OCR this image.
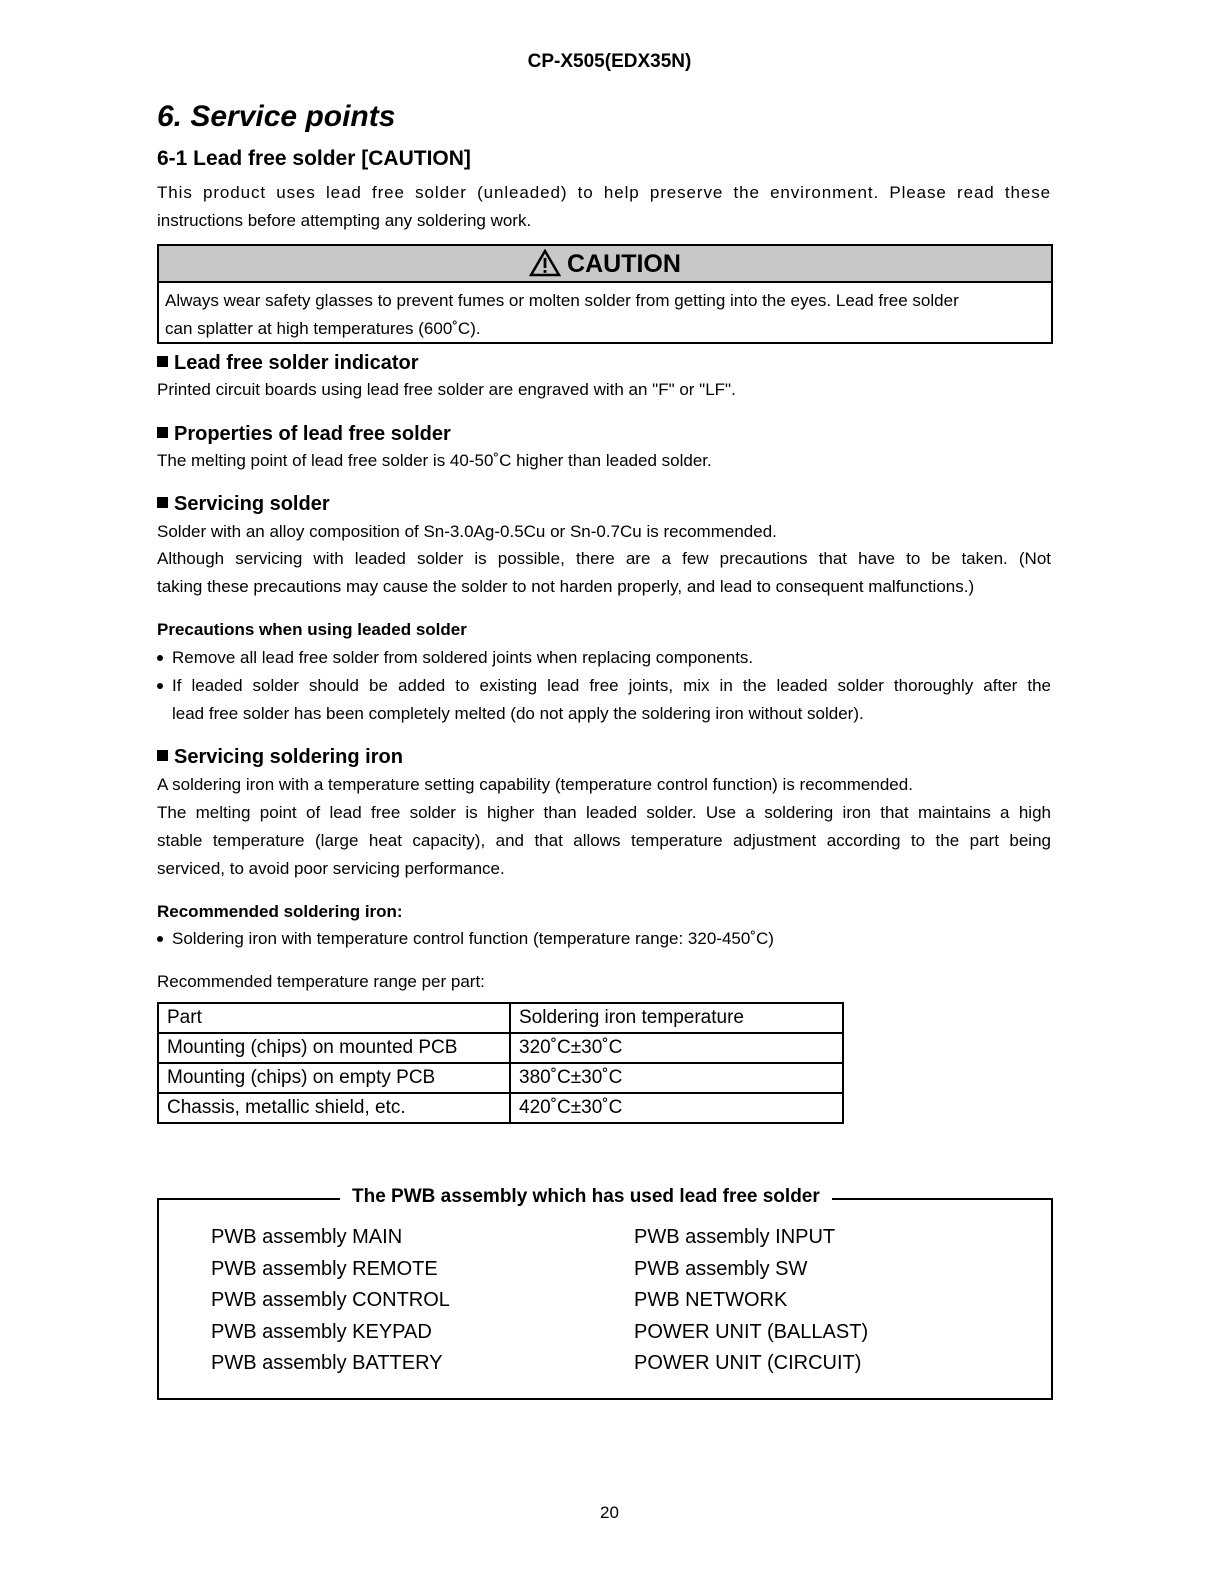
CP-X505(EDX35N)
6. Service points
6-1 Lead free solder [CAUTION]
This product uses lead free solder (unleaded) to help preserve the environment. Please read these
instructions before attempting any soldering work.
CAUTION
Always wear safety glasses to prevent fumes or molten solder from getting into the eyes. Lead free solder
can splatter at high temperatures (600˚C).
Lead free solder indicator
Printed circuit boards using lead free solder are engraved with an "F" or "LF".
Properties of lead free solder
The melting point of lead free solder is 40-50˚C higher than leaded solder.
Servicing solder
Solder with an alloy composition of Sn-3.0Ag-0.5Cu or Sn-0.7Cu is recommended.
Although servicing with leaded solder is possible, there are a few precautions that have to be taken. (Not
taking these precautions may cause the solder to not harden properly, and lead to consequent malfunctions.)
Precautions when using leaded solder
Remove all lead free solder from soldered joints when replacing components.
If leaded solder should be added to existing lead free joints, mix in the leaded solder thoroughly after the
lead free solder has been completely melted (do not apply the soldering iron without solder).
Servicing soldering iron
A soldering iron with a temperature setting capability (temperature control function) is recommended.
The melting point of lead free solder is higher than leaded solder. Use a soldering iron that maintains a high
stable temperature (large heat capacity), and that allows temperature adjustment according to the part being
serviced, to avoid poor servicing performance.
Recommended soldering iron:
Soldering iron with temperature control function (temperature range: 320-450˚C)
Recommended temperature range per part:
Part	Soldering iron temperature
Mounting (chips) on mounted PCB	320˚C±30˚C
Mounting (chips) on empty PCB	380˚C±30˚C
Chassis, metallic shield, etc.	420˚C±30˚C
The PWB assembly which has used lead free solder
PWB assembly MAIN
PWB assembly REMOTE
PWB assembly CONTROL
PWB assembly KEYPAD
PWB assembly BATTERY
PWB assembly INPUT
PWB assembly SW
PWB NETWORK
POWER UNIT (BALLAST)
POWER UNIT (CIRCUIT)
20
